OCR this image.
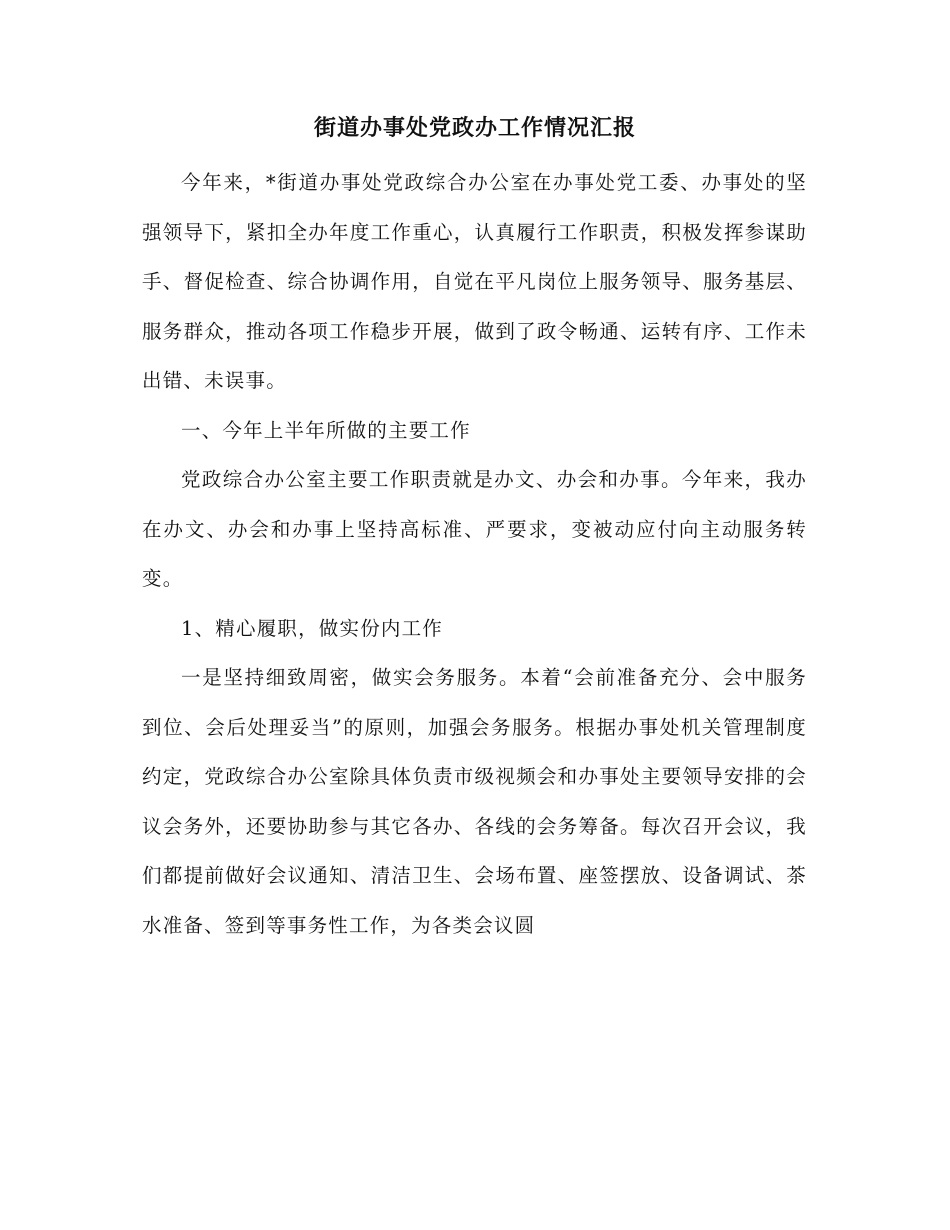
街道办事处党政办工作情况汇报

今年来，*街道办事处党政综合办公室在办事处党工委、办事处的坚强领导下，紧扣全办年度工作重心，认真履行工作职责，积极发挥参谋助手、督促检查、综合协调作用，自觉在平凡岗位上服务领导、服务基层、服务群众，推动各项工作稳步开展，做到了政令畅通、运转有序、工作未出错、未误事。

一、今年上半年所做的主要工作

党政综合办公室主要工作职责就是办文、办会和办事。今年来，我办在办文、办会和办事上坚持高标准、严要求，变被动应付向主动服务转变。

1、精心履职，做实份内工作

一是坚持细致周密，做实会务服务。本着“会前准备充分、会中服务到位、会后处理妥当”的原则，加强会务服务。根据办事处机关管理制度约定，党政综合办公室除具体负责市级视频会和办事处主要领导安排的会议会务外，还要协助参与其它各办、各线的会务筹备。每次召开会议，我们都提前做好会议通知、清洁卫生、会场布置、座签摆放、设备调试、茶水准备、签到等事务性工作，为各类会议圆
